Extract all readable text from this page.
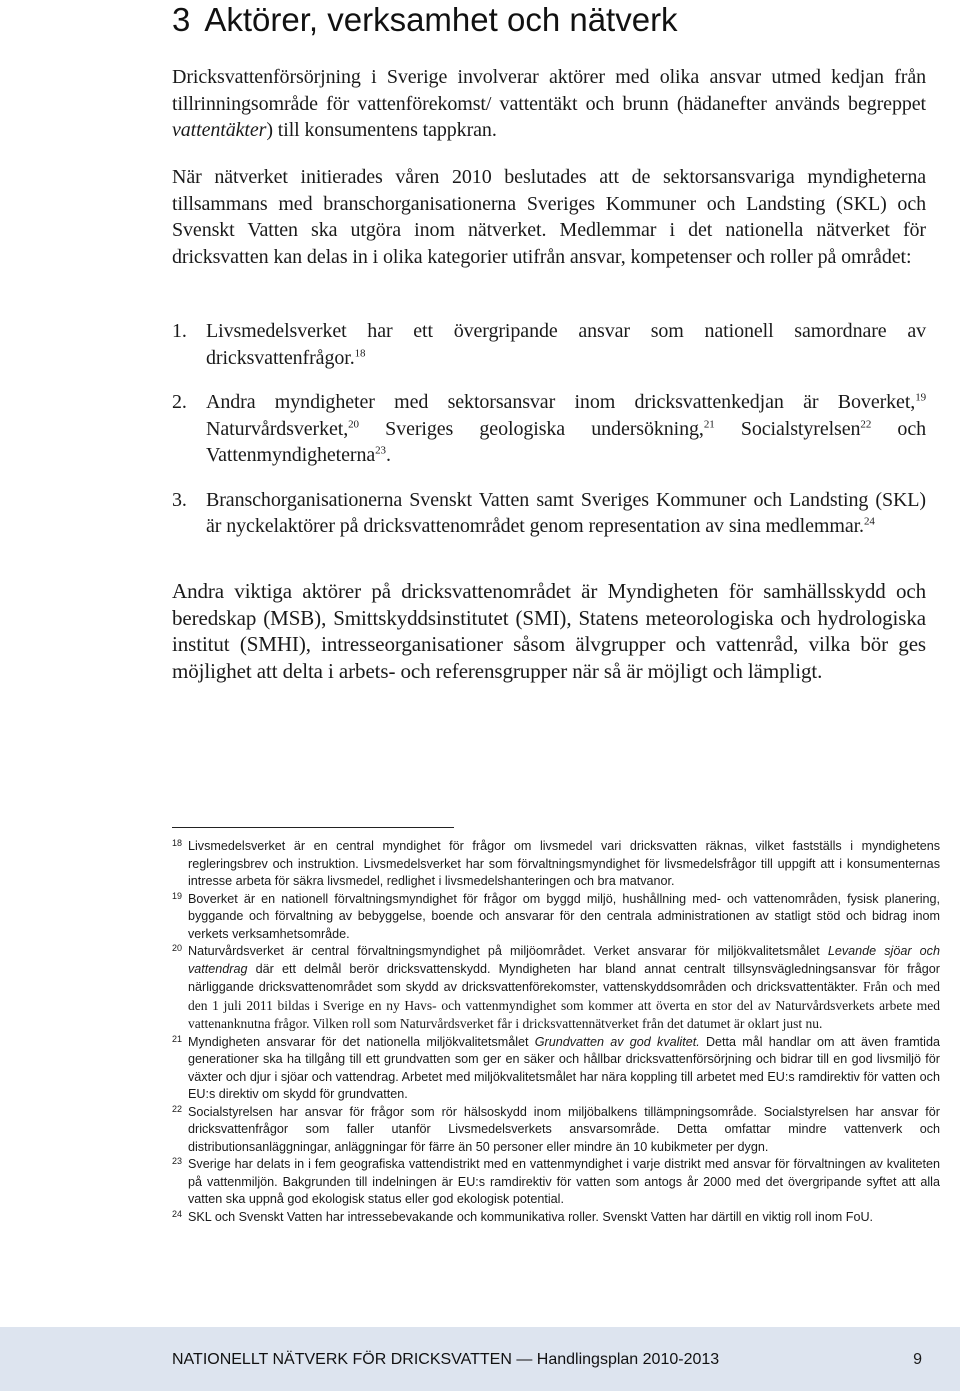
3 Aktörer, verksamhet och nätverk

Dricksvattenförsörjning i Sverige involverar aktörer med olika ansvar utmed kedjan från tillrinningsområde för vattenförekomst/ vattentäkt och brunn (hädanefter används begreppet vattentäkter) till konsumentens tappkran.

När nätverket initierades våren 2010 beslutades att de sektorsansvariga myndigheterna tillsammans med branschorganisationerna Sveriges Kommuner och Landsting (SKL) och Svenskt Vatten ska utgöra inom nätverket. Medlemmar i det nationella nätverket för dricksvatten kan delas in i olika kategorier utifrån ansvar, kompetenser och roller på området:

1. Livsmedelsverket har ett övergripande ansvar som nationell samordnare av dricksvattenfrågor.$^{18}$
2. Andra myndigheter med sektorsansvar inom dricksvattenkedjan är Boverket,$^{19}$ Naturvårdsverket,$^{20}$ Sveriges geologiska undersökning,$^{21}$ Socialstyrelsen$^{22}$ och Vattenmyndigheterna$^{23}$.
3. Branschorganisationerna Svenskt Vatten samt Sveriges Kommuner och Landsting (SKL) är nyckelaktörer på dricksvattenområdet genom representation av sina medlemmar.$^{24}$

Andra viktiga aktörer på dricksvattenområdet är Myndigheten för samhällsskydd och beredskap (MSB), Smittskyddsinstitutet (SMI), Statens meteorologiska och hydrologiska institut (SMHI), intresseorganisationer såsom älvgrupper och vattenråd, vilka bör ges möjlighet att delta i arbets- och referensgrupper när så är möjligt och lämpligt.

18 Livsmedelsverket är en central myndighet för frågor om livsmedel vari dricksvatten räknas, vilket fastställs i myndighetens regleringsbrev och instruktion. Livsmedelsverket har som förvaltningsmyndighet för livsmedelsfrågor till uppgift att i konsumenternas intresse arbeta för säkra livsmedel, redlighet i livsmedelshanteringen och bra matvanor.
19 Boverket är en nationell förvaltningsmyndighet för frågor om byggd miljö, hushållning med- och vattenområden, fysisk planering, byggande och förvaltning av bebyggelse, boende och ansvarar för den centrala administrationen av statligt stöd och bidrag inom verkets verksamhetsområde.
20 Naturvårdsverket är central förvaltningsmyndighet på miljöområdet. Verket ansvarar för miljökvalitetsmålet Levande sjöar och vattendrag där ett delmål berör dricksvattenskydd. Myndigheten har bland annat centralt tillsynsvägledningsansvar för frågor närliggande dricksvattenområdet som skydd av dricksvattenförekomster, vattenskyddsområden och dricksvattentäkter. Från och med den 1 juli 2011 bildas i Sverige en ny Havs- och vattenmyndighet som kommer att överta en stor del av Naturvårdsverkets arbete med vattenanknutna frågor. Vilken roll som Naturvårdsverket får i dricksvattennätverket från det datumet är oklart just nu.
21 Myndigheten ansvarar för det nationella miljökvalitetsmålet Grundvatten av god kvalitet. Detta mål handlar om att även framtida generationer ska ha tillgång till ett grundvatten som ger en säker och hållbar dricksvattenförsörjning och bidrar till en god livsmiljö för växter och djur i sjöar och vattendrag. Arbetet med miljökvalitetsmålet har nära koppling till arbetet med EU:s ramdirektiv för vatten och EU:s direktiv om skydd för grundvatten.
22 Socialstyrelsen har ansvar för frågor som rör hälsoskydd inom miljöbalkens tillämpningsområde. Socialstyrelsen har ansvar för dricksvattenfrågor som faller utanför Livsmedelsverkets ansvarsområde. Detta omfattar mindre vattenverk och distributionsanläggningar, anläggningar för färre än 50 personer eller mindre än 10 kubikmeter per dygn.
23 Sverige har delats in i fem geografiska vattendistrikt med en vattenmyndighet i varje distrikt med ansvar för förvaltningen av kvaliteten på vattenmiljön. Bakgrunden till indelningen är EU:s ramdirektiv för vatten som antogs år 2000 med det övergripande syftet att alla vatten ska uppnå god ekologisk status eller god ekologisk potential.
24 SKL och Svenskt Vatten har intressebevakande och kommunikativa roller. Svenskt Vatten har därtill en viktig roll inom FoU.
NATIONELLT NÄTVERK FÖR DRICKSVATTEN — Handlingsplan 2010-2013	9
